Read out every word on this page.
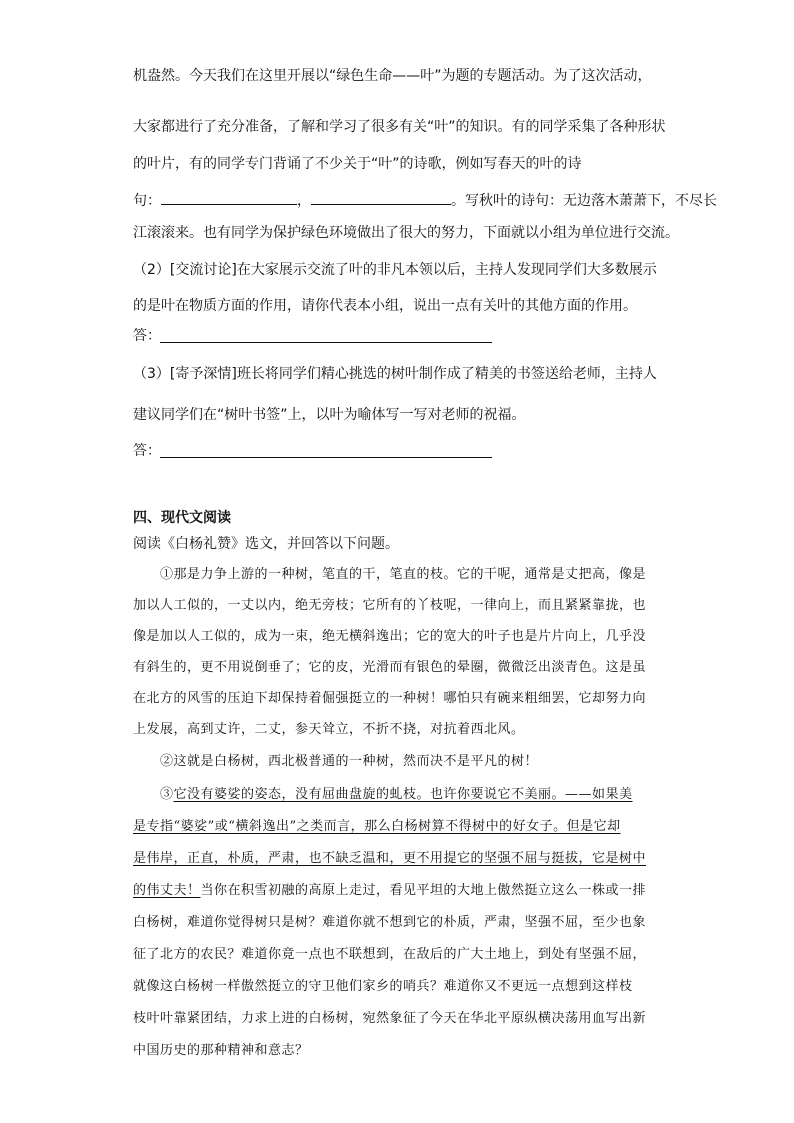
机盎然。今天我们在这里开展以“绿色生命——叶”为题的专题活动。为了这次活动，
大家都进行了充分准备，了解和学习了很多有关“叶”的知识。有的同学采集了各种形状
的叶片，有的同学专门背诵了不少关于“叶”的诗歌，例如写春天的叶的诗
句：	，	。写秋叶的诗句：无边落木萧萧下，不尽长
江滚滚来。也有同学为保护绿色环境做出了很大的努力，下面就以小组为单位进行交流。
（2）[交流讨论]在大家展示交流了叶的非凡本领以后，主持人发现同学们大多数展示
的是叶在物质方面的作用，请你代表本小组，说出一点有关叶的其他方面的作用。
答：
（3）[寄予深情]班长将同学们精心挑选的树叶制作成了精美的书签送给老师，主持人
建议同学们在“树叶书签”上，以叶为喻体写一写对老师的祝福。
答：
四、现代文阅读
阅读《白杨礼赞》选文，并回答以下问题。
①那是力争上游的一种树，笔直的干，笔直的枝。它的干呢，通常是丈把高，像是
加以人工似的，一丈以内，绝无旁枝；它所有的丫枝呢，一律向上，而且紧紧靠拢，也
像是加以人工似的，成为一束，绝无横斜逸出；它的宽大的叶子也是片片向上，几乎没
有斜生的，更不用说倒垂了；它的皮，光滑而有银色的晕圈，微微泛出淡青色。这是虽
在北方的风雪的压迫下却保持着倔强挺立的一种树！哪怕只有碗来粗细罢，它却努力向
上发展，高到丈许，二丈，参天耸立，不折不挠，对抗着西北风。
②这就是白杨树，西北极普通的一种树，然而决不是平凡的树！
③它没有婆娑的姿态，没有屈曲盘旋的虬枝。也许你要说它不美丽。——如果美
是专指“婆娑”或“横斜逸出”之类而言，那么白杨树算不得树中的好女子。但是它却
是伟岸，正直，朴质，严肃，也不缺乏温和，更不用提它的坚强不屈与挺拔，它是树中
的伟丈夫！当你在积雪初融的高原上走过，看见平坦的大地上傲然挺立这么一株或一排
白杨树，难道你觉得树只是树？难道你就不想到它的朴质，严肃，坚强不屈，至少也象
征了北方的农民？难道你竟一点也不联想到，在敌后的广大土地上，到处有坚强不屈，
就像这白杨树一样傲然挺立的守卫他们家乡的哨兵？难道你又不更远一点想到这样枝
枝叶叶靠紧团结，力求上进的白杨树，宛然象征了今天在华北平原纵横决荡用血写出新
中国历史的那种精神和意志？
